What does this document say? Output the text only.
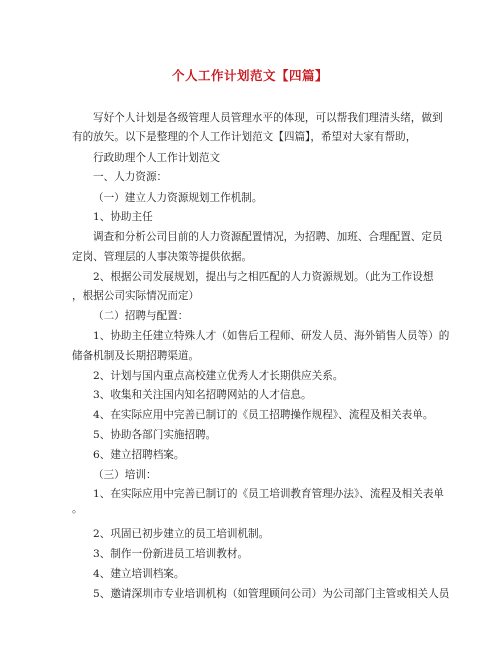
个人工作计划范文【四篇】
写好个人计划是各级管理人员管理水平的体现，可以帮我们理清头绪，做到
有的放矢。以下是整理的个人工作计划范文【四篇】，希望对大家有帮助，
行政助理个人工作计划范文
一、人力资源：
（一）建立人力资源规划工作机制。
1、协助主任
调查和分析公司目前的人力资源配置情况，为招聘、加班、合理配置、定员
定岗、管理层的人事决策等提供依据。
2、根据公司发展规划，提出与之相匹配的人力资源规划。（此为工作设想
，根据公司实际情况而定）
（二）招聘与配置：
1、协助主任建立特殊人才（如售后工程师、研发人员、海外销售人员等）的
储备机制及长期招聘渠道。
2、计划与国内重点高校建立优秀人才长期供应关系。
3、收集和关注国内知名招聘网站的人才信息。
4、在实际应用中完善已制订的《员工招聘操作规程》、流程及相关表单。
5、协助各部门实施招聘。
6、建立招聘档案。
（三）培训：
1、在实际应用中完善已制订的《员工培训教育管理办法》、流程及相关表单
。
2、巩固已初步建立的员工培训机制。
3、制作一份新进员工培训教材。
4、建立培训档案。
5、邀请深圳市专业培训机构（如管理顾问公司）为公司部门主管或相关人员
